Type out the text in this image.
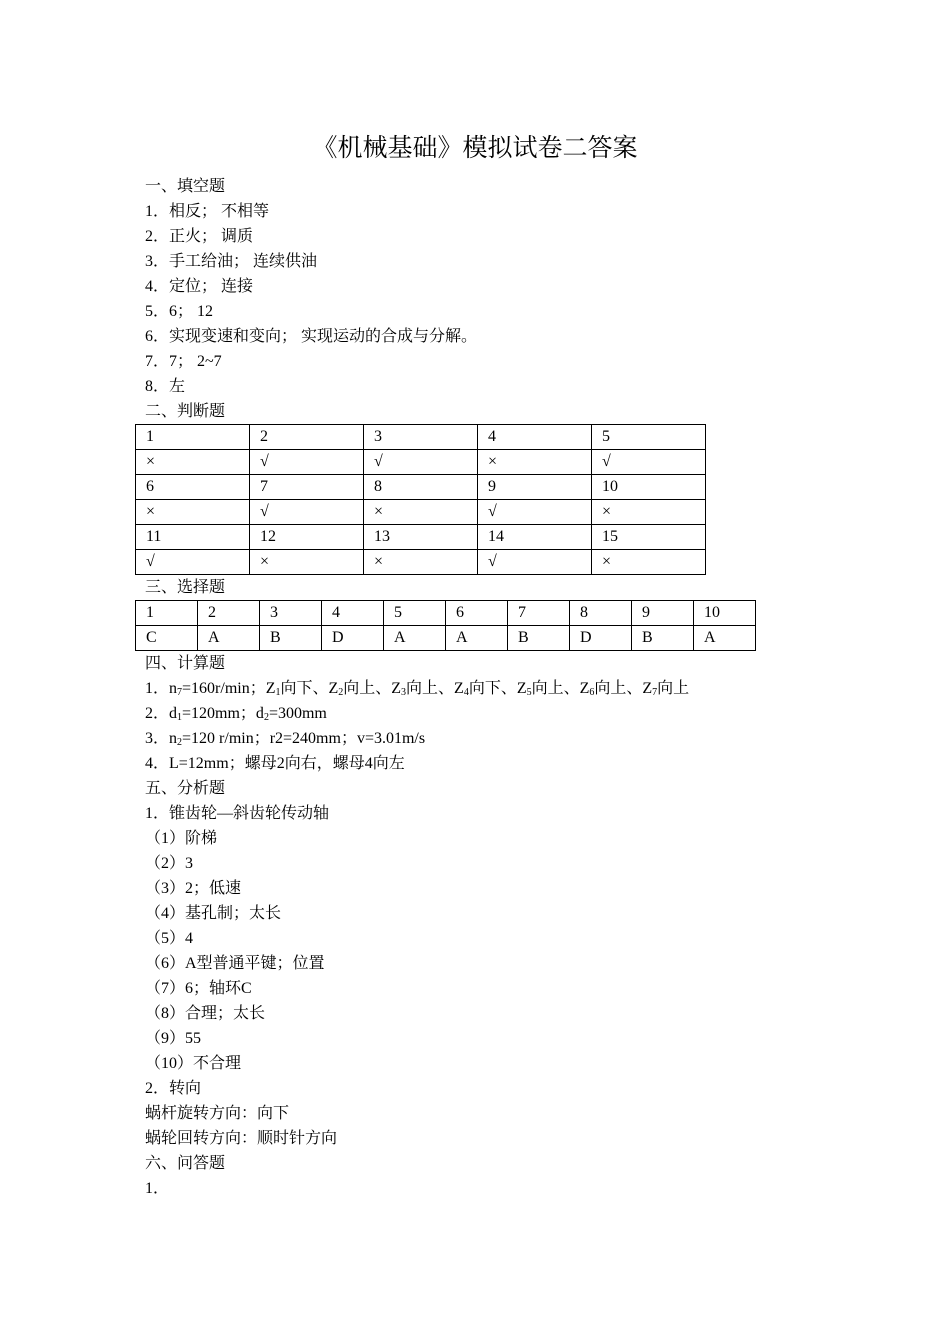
《机械基础》模拟试卷二答案
一、填空题
1．相反； 不相等
2．正火； 调质
3．手工给油； 连续供油
4．定位； 连接
5．6； 12
6．实现变速和变向； 实现运动的合成与分解。
7．7； 2~7
8．左
二、判断题
1	2	3	4	5
×	√	√	×	√
6	7	8	9	10
×	√	×	√	×
11	12	13	14	15
√	×	×	√	×
三、选择题
1	2	3	4	5	6	7	8	9	10
C	A	B	D	A	A	B	D	B	A
四、计算题
1．$n_7=160r/\min$；$Z_1$向下、$Z_2$向上、$Z_3$向上、$Z_4$向下、$Z_5$向上、$Z_6$向上、$Z_7$向上
2．$d_1=120mm$；$d_2=300mm$
3．$n_2=120$ r/min；r2=240mm；v=3.01m/s
4．L=12mm；螺母2向右，螺母4向左
五、分析题
1．锥齿轮—斜齿轮传动轴
（1）阶梯
（2）3
（3）2；低速
（4）基孔制；太长
（5）4
（6）A型普通平键；位置
（7）6；轴环C
（8）合理；太长
（9）55
（10）不合理
2．转向
蜗杆旋转方向：向下
蜗轮回转方向：顺时针方向
六、问答题
1．
